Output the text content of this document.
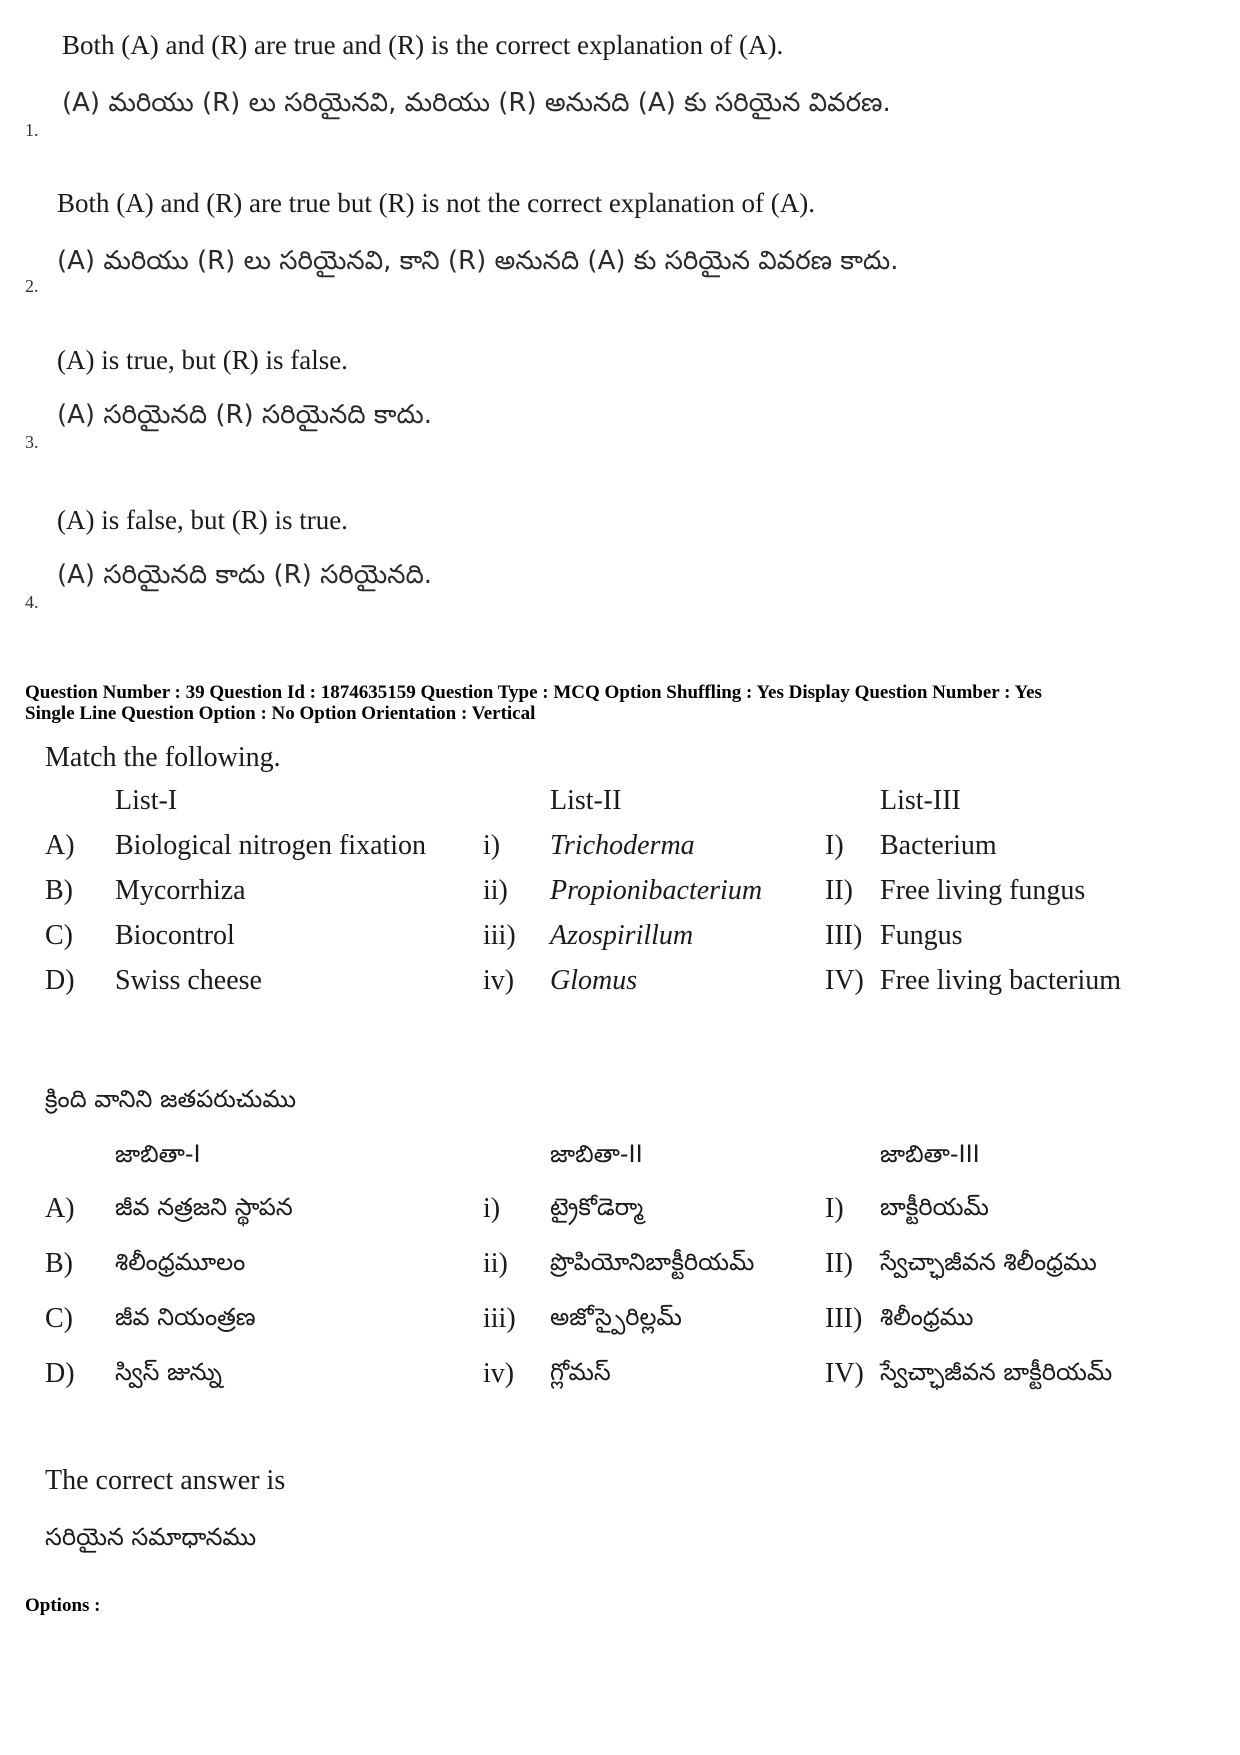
Both (A) and (R) are true and (R) is the correct explanation of (A).
(A) మరియు (R) లు సరియైనవి, మరియు (R) అనునది (A) కు సరియైన వివరణ.
1.
Both (A) and (R) are true but (R) is not the correct explanation of (A).
(A) మరియు (R) లు సరియైనవి, కాని (R) అనునది (A) కు సరియైన వివరణ కాదు.
2.
(A) is true, but (R) is false.
(A) సరియైనది (R) సరియైనది కాదు.
3.
(A) is false, but (R) is true.
(A) సరియైనది కాదు (R) సరియైనది.
4.
Question Number : 39 Question Id : 1874635159 Question Type : MCQ Option Shuffling : Yes Display Question Number : Yes
Single Line Question Option : No Option Orientation : Vertical
Match the following.
List-I	List-II	List-III
A) Biological nitrogen fixation i) Trichoderma	I) Bacterium
B) Mycorrhiza	ii) Propionibacterium II) Free living fungus
C) Biocontrol	iii) Azospirillum	III) Fungus
D) Swiss cheese	iv) Glomus	IV) Free living bacterium
క్రింది వానిని జతపరుచుము
జాబితా-I	జాబితా-II	జాబితా-III
A) జీవ నత్రజని స్థాపన	i) ట్రైకోడెర్మా	I) బాక్టీరియమ్
B) శిలీంధ్రమూలం	ii) ప్రొపియోనిబాక్టీరియమ్	II) స్వేచ్ఛాజీవన శిలీంధ్రము
C) జీవ నియంత్రణ	iii) అజోస్పైరిల్లమ్	III) శిలీంధ్రము
D) స్విస్ జున్ను	iv) గ్లోమస్	IV) స్వేచ్ఛాజీవన బాక్టీరియమ్
The correct answer is
సరియైన సమాధానము
Options :
